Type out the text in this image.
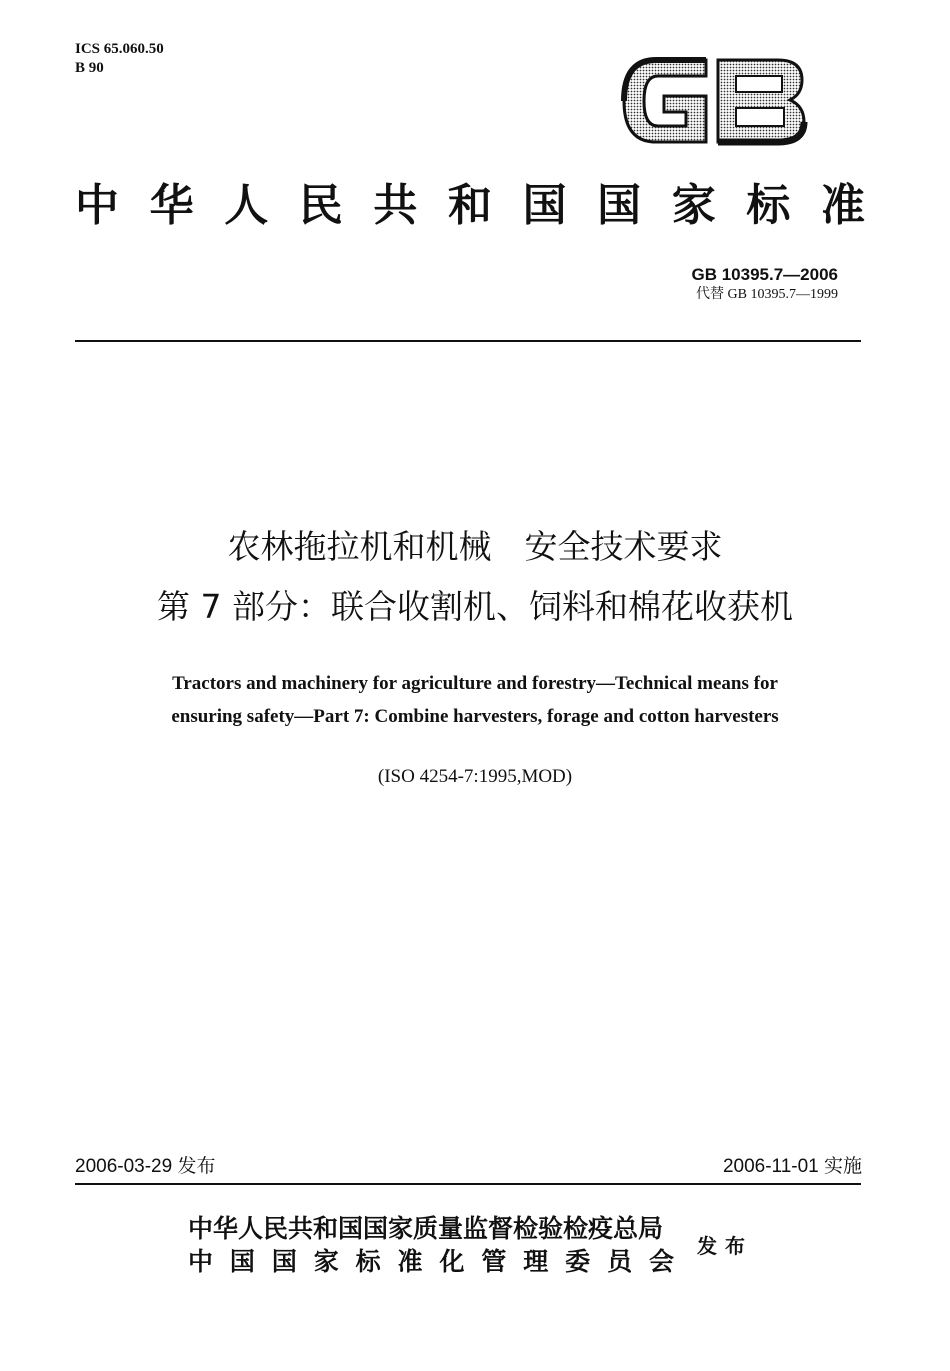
ICS 65.060.50
B 90
中 华 人 民 共 和 国 国 家 标 准
GB 10395.7—2006
代替 GB 10395.7—1999
农林拖拉机和机械　安全技术要求
第 7 部分：联合收割机、饲料和棉花收获机
Tractors and machinery for agriculture and forestry—Technical means for
ensuring safety—Part 7: Combine harvesters, forage and cotton harvesters
(ISO 4254-7:1995,MOD)
2006-03-29 发布	2006-11-01 实施
中华人民共和国国家质量监督检验检疫总局
中 国 国 家 标 准 化 管 理 委 员 会
发布
